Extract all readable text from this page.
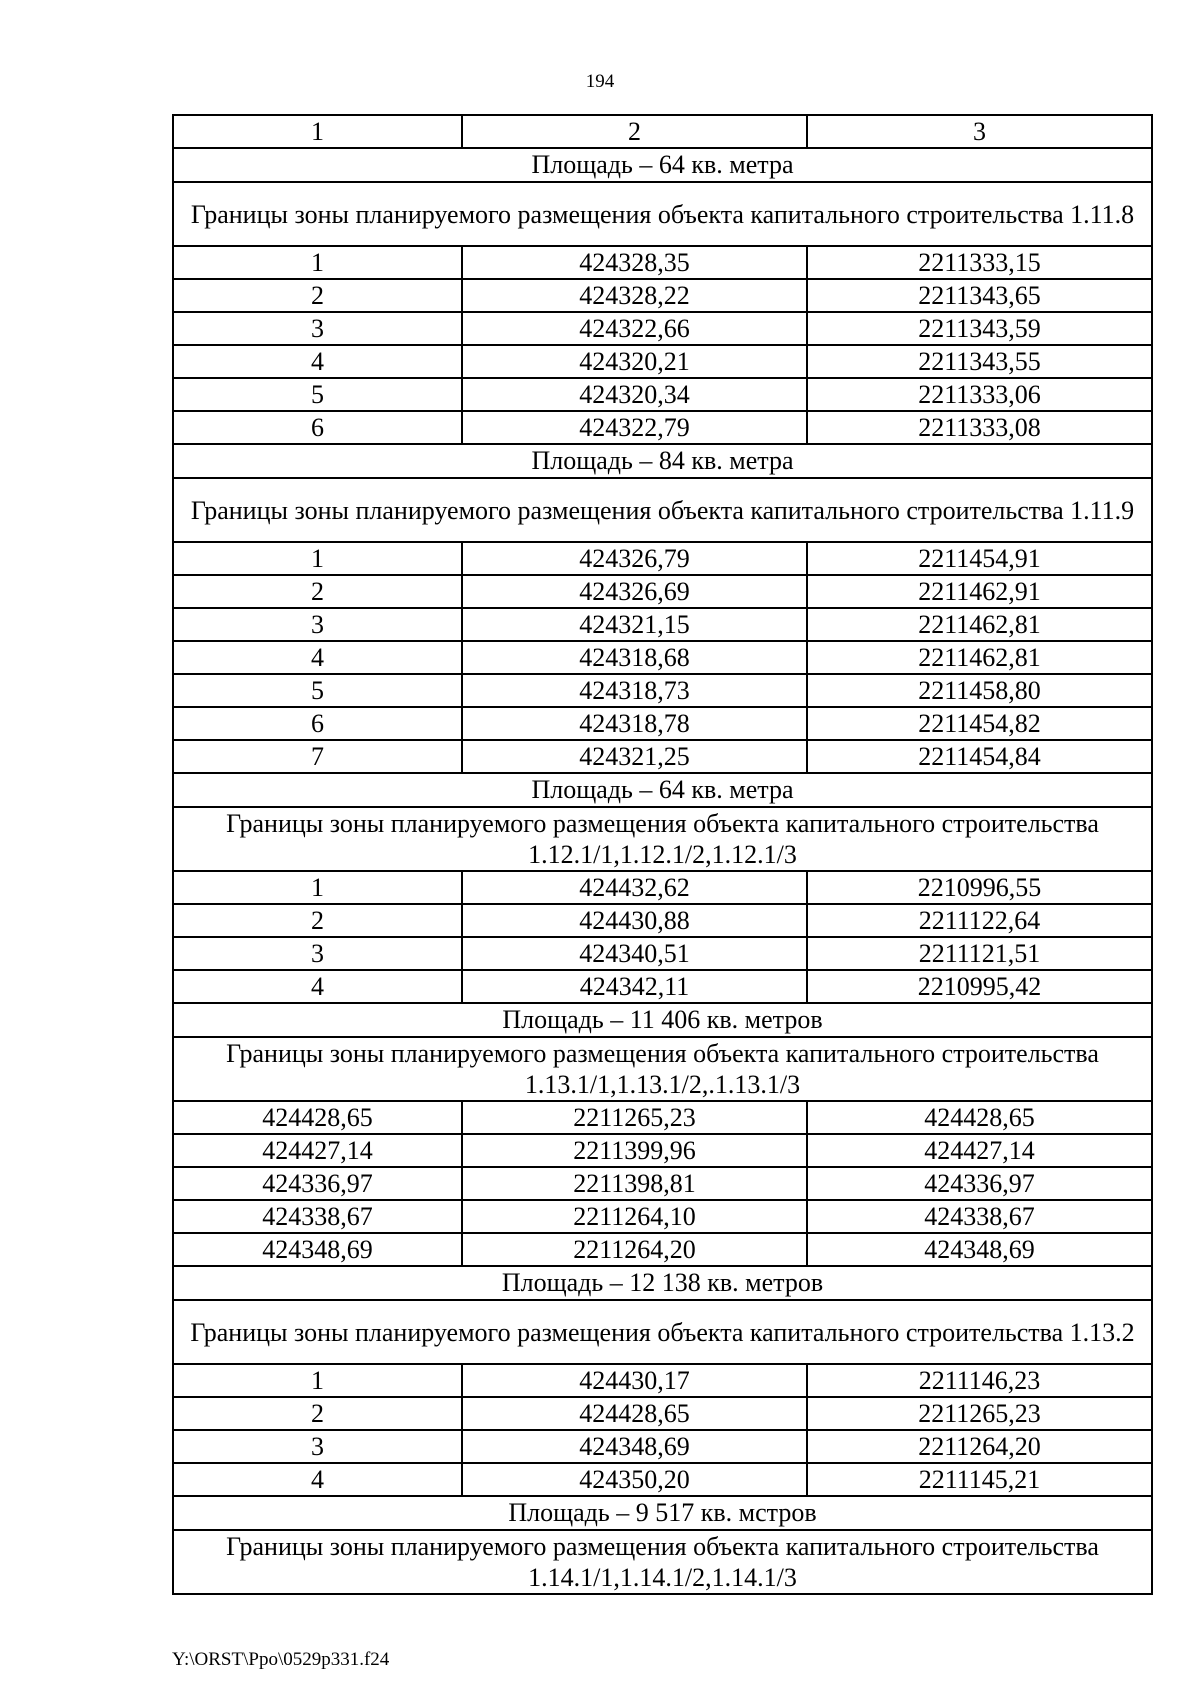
194
1	2	3
Площадь – 64 кв. метра		
Границы зоны планируемого размещения объекта капитального строительства 1.11.8		
1	424328,35	2211333,15
2	424328,22	2211343,65
3	424322,66	2211343,59
4	424320,21	2211343,55
5	424320,34	2211333,06
6	424322,79	2211333,08
Площадь – 84 кв. метра		
Границы зоны планируемого размещения объекта капитального строительства 1.11.9		
1	424326,79	2211454,91
2	424326,69	2211462,91
3	424321,15	2211462,81
4	424318,68	2211462,81
5	424318,73	2211458,80
6	424318,78	2211454,82
7	424321,25	2211454,84
Площадь – 64 кв. метра		
Границы зоны планируемого размещения объекта капитального строительства 1.12.1/1,1.12.1/2,1.12.1/3		
1	424432,62	2210996,55
2	424430,88	2211122,64
3	424340,51	2211121,51
4	424342,11	2210995,42
Площадь – 11 406 кв. метров		
Границы зоны планируемого размещения объекта капитального строительства 1.13.1/1,1.13.1/2,.1.13.1/3		
424428,65	2211265,23	424428,65
424427,14	2211399,96	424427,14
424336,97	2211398,81	424336,97
424338,67	2211264,10	424338,67
424348,69	2211264,20	424348,69
Площадь – 12 138 кв. метров		
Границы зоны планируемого размещения объекта капитального строительства 1.13.2		
1	424430,17	2211146,23
2	424428,65	2211265,23
3	424348,69	2211264,20
4	424350,20	2211145,21
Площадь – 9 517 кв. мстров		
Границы зоны планируемого размещения объекта капитального строительства 1.14.1/1,1.14.1/2,1.14.1/3		
Y:\ORST\Ppo\0529p331.f24
